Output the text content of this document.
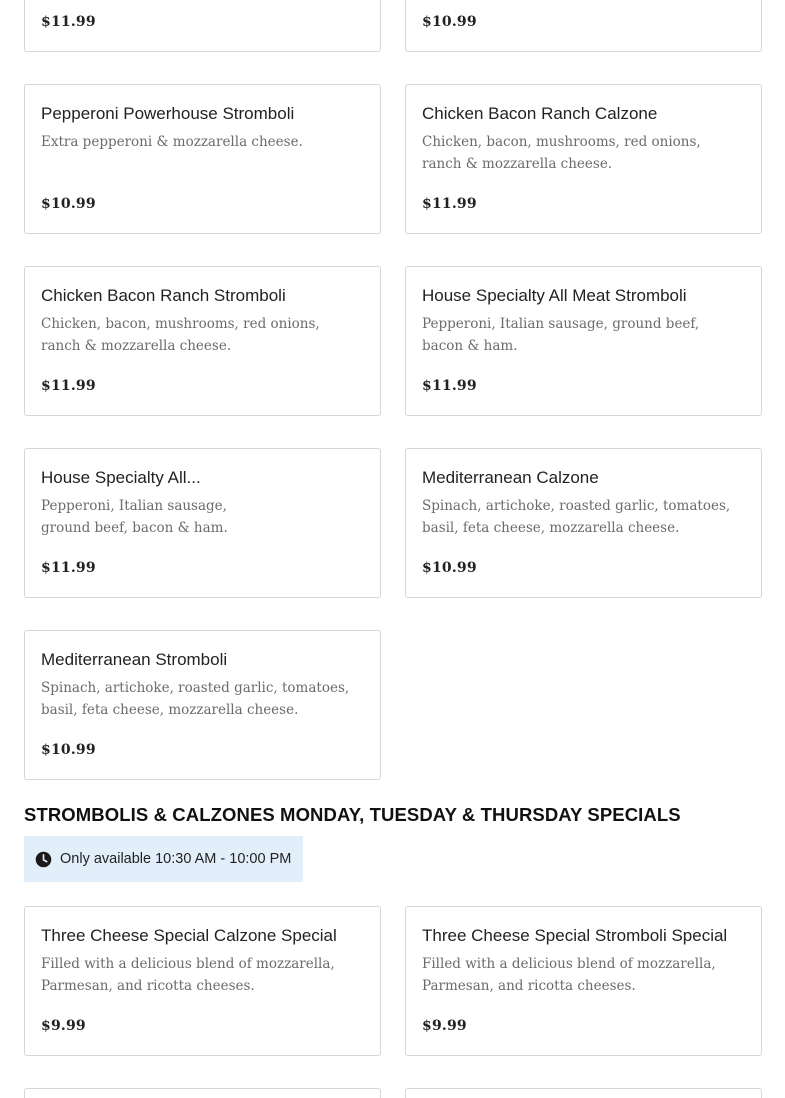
$11.99	$10.99
Pepperoni Powerhouse Stromboli
Extra pepperoni & mozzarella cheese.
$10.99
Chicken Bacon Ranch Calzone
Chicken, bacon, mushrooms, red onions, ranch & mozzarella cheese.
$11.99
Chicken Bacon Ranch Stromboli
Chicken, bacon, mushrooms, red onions, ranch & mozzarella cheese.
$11.99
House Specialty All Meat Stromboli
Pepperoni, Italian sausage, ground beef, bacon & ham.
$11.99
House Specialty All...
Pepperoni, Italian sausage, ground beef, bacon & ham.
$11.99
Mediterranean Calzone
Spinach, artichoke, roasted garlic, tomatoes, basil, feta cheese, mozzarella cheese.
$10.99
Mediterranean Stromboli
Spinach, artichoke, roasted garlic, tomatoes, basil, feta cheese, mozzarella cheese.
$10.99
STROMBOLIS & CALZONES MONDAY, TUESDAY & THURSDAY SPECIALS
Only available 10:30 AM - 10:00 PM
Three Cheese Special Calzone Special
Filled with a delicious blend of mozzarella, Parmesan, and ricotta cheeses.
$9.99
Three Cheese Special Stromboli Special
Filled with a delicious blend of mozzarella, Parmesan, and ricotta cheeses.
$9.99
